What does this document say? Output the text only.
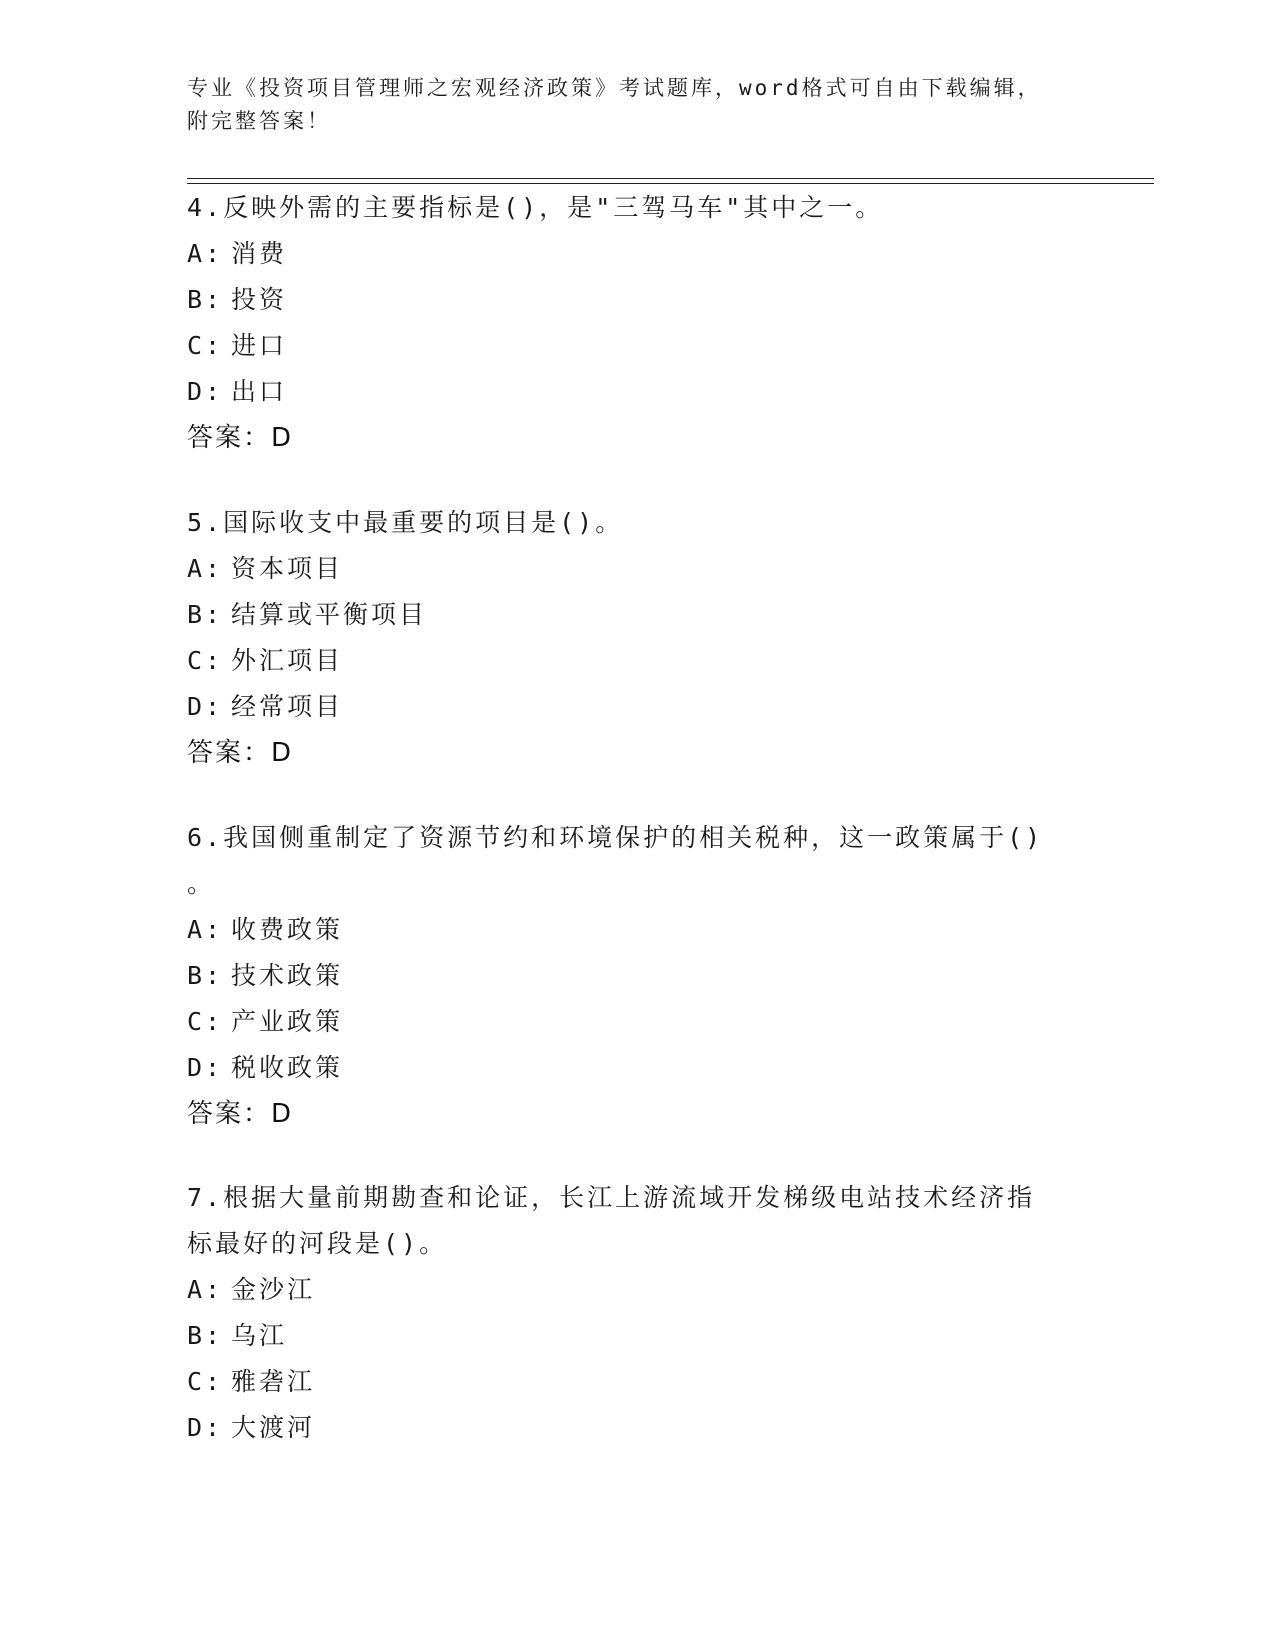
专业《投资项目管理师之宏观经济政策》考试题库，word格式可自由下载编辑，
附完整答案！

4.反映外需的主要指标是()，是"三驾马车"其中之一。

A: 消费
B: 投资
C: 进口
D: 出口
答案：D

5.国际收支中最重要的项目是()。

A: 资本项目
B: 结算或平衡项目
C: 外汇项目
D: 经常项目
答案：D

6.我国侧重制定了资源节约和环境保护的相关税种，这一政策属于()
。

A: 收费政策
B: 技术政策
C: 产业政策
D: 税收政策
答案：D

7.根据大量前期勘查和论证，长江上游流域开发梯级电站技术经济指
标最好的河段是()。

A: 金沙江
B: 乌江
C: 雅砻江
D: 大渡河
